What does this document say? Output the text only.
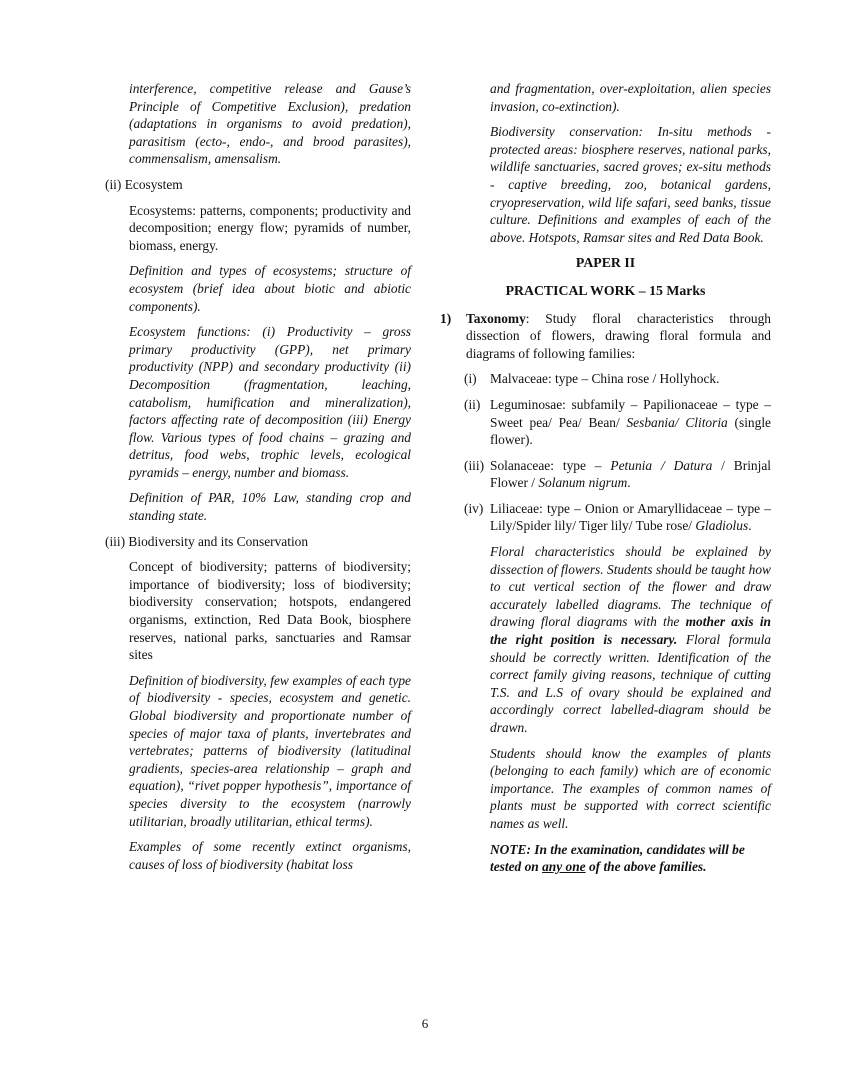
interference, competitive release and Gause’s Principle of Competitive Exclusion), predation (adaptations in organisms to avoid predation), parasitism (ecto-, endo-, and brood parasites), commensalism, amensalism.

(ii) Ecosystem

Ecosystems: patterns, components; productivity and decomposition; energy flow; pyramids of number, biomass, energy.

Definition and types of ecosystems; structure of ecosystem (brief idea about biotic and abiotic components).

Ecosystem functions: (i) Productivity – gross primary productivity (GPP), net primary productivity (NPP) and secondary productivity (ii) Decomposition (fragmentation, leaching, catabolism, humification and mineralization), factors affecting rate of decomposition (iii) Energy flow. Various types of food chains – grazing and detritus, food webs, trophic levels, ecological pyramids – energy, number and biomass.

Definition of PAR, 10% Law, standing crop and standing state.

(iii) Biodiversity and its Conservation

Concept of biodiversity; patterns of biodiversity; importance of biodiversity; loss of biodiversity; biodiversity conservation; hotspots, endangered organisms, extinction, Red Data Book, biosphere reserves, national parks, sanctuaries and Ramsar sites

Definition of biodiversity, few examples of each type of biodiversity - species, ecosystem and genetic. Global biodiversity and proportionate number of species of major taxa of plants, invertebrates and vertebrates; patterns of biodiversity (latitudinal gradients, species-area relationship – graph and equation), “rivet popper hypothesis”, importance of species diversity to the ecosystem (narrowly utilitarian, broadly utilitarian, ethical terms).

Examples of some recently extinct organisms, causes of loss of biodiversity (habitat loss

and fragmentation, over-exploitation, alien species invasion, co-extinction).

Biodiversity conservation: In-situ methods - protected areas: biosphere reserves, national parks, wildlife sanctuaries, sacred groves; ex-situ methods - captive breeding, zoo, botanical gardens, cryopreservation, wild life safari, seed banks, tissue culture. Definitions and examples of each of the above. Hotspots, Ramsar sites and Red Data Book.

PAPER II
PRACTICAL WORK – 15 Marks
1)	Taxonomy: Study floral characteristics through dissection of flowers, drawing floral formula and diagrams of following families:
(i) Malvaceae: type – China rose / Hollyhock.
(ii) Leguminosae: subfamily – Papilionaceae – type – Sweet pea/ Pea/ Bean/ Sesbania/ Clitoria (single flower).
(iii) Solanaceae: type – Petunia / Datura / Brinjal Flower / Solanum nigrum.
(iv) Liliaceae: type – Onion or Amaryllidaceae – type – Lily/Spider lily/ Tiger lily/ Tube rose/ Gladiolus.

Floral characteristics should be explained by dissection of flowers. Students should be taught how to cut vertical section of the flower and draw accurately labelled diagrams. The technique of drawing floral diagrams with the mother axis in the right position is necessary. Floral formula should be correctly written. Identification of the correct family giving reasons, technique of cutting T.S. and L.S of ovary should be explained and accordingly correct labelled-diagram should be drawn.

Students should know the examples of plants (belonging to each family) which are of economic importance. The examples of common names of plants must be supported with correct scientific names as well.

NOTE: In the examination, candidates will be tested on any one of the above families.

6
